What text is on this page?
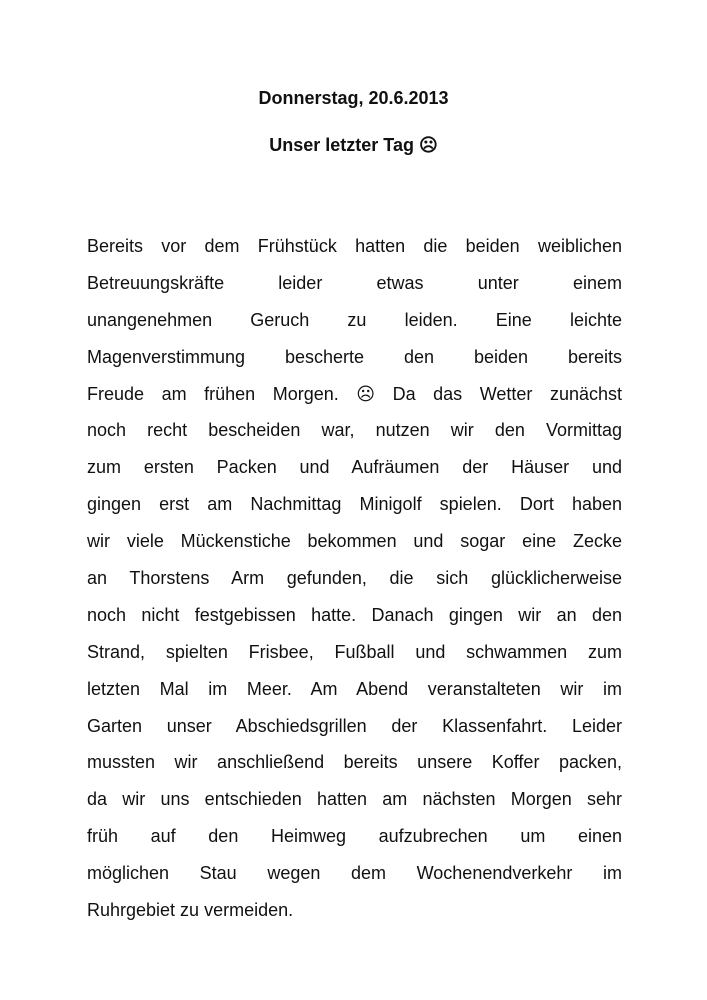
Donnerstag, 20.6.2013
Unser letzter Tag ☹
Bereits vor dem Frühstück hatten die beiden weiblichen
Betreuungskräfte leider etwas unter einem
unangenehmen Geruch zu leiden. Eine leichte
Magenverstimmung bescherte den beiden bereits
Freude am frühen Morgen. ☹ Da das Wetter zunächst
noch recht bescheiden war, nutzen wir den Vormittag
zum ersten Packen und Aufräumen der Häuser und
gingen erst am Nachmittag Minigolf spielen. Dort haben
wir viele Mückenstiche bekommen und sogar eine Zecke
an Thorstens Arm gefunden, die sich glücklicherweise
noch nicht festgebissen hatte. Danach gingen wir an den
Strand, spielten Frisbee, Fußball und schwammen zum
letzten Mal im Meer. Am Abend veranstalteten wir im
Garten unser Abschiedsgrillen der Klassenfahrt. Leider
mussten wir anschließend bereits unsere Koffer packen,
da wir uns entschieden hatten am nächsten Morgen sehr
früh auf den Heimweg aufzubrechen um einen
möglichen Stau wegen dem Wochenendverkehr im
Ruhrgebiet zu vermeiden.
